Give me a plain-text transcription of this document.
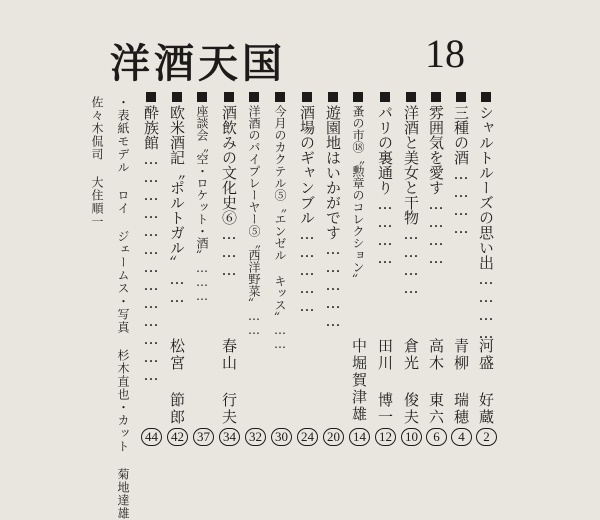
洋酒天国	18
シャルトルーズの思い出…………
河盛 好蔵
2
三種の酒…………
青柳 瑞穂
4
雰囲気を愛す…………
高木 東六
6
洋酒と美女と干物…………
倉光 俊夫
10
パリの裏通り…………
田川 博一
12
蚤の市⑱〝勲章のコレクション〟
中堀賀津雄
14
遊園地はいかがです……………
20
酒場のギャンブル……………
24
今月のカクテル⑤〝エンゼル キッス〟……
30
洋酒のパイプレーヤー⑤〝西洋野菜〟……
32
酒飲みの文化史⑥………
春山 行夫
34
座談会〝空・ロケット・酒〟………
37
欧米酒記〝ポルトガル〟……
松宮 節郎
42
酔族館…………………………………
44
・表紙モデル ロイ ジェームス・写真 杉木直也・カット 菊地達雄
佐々木侃司 大住順一
